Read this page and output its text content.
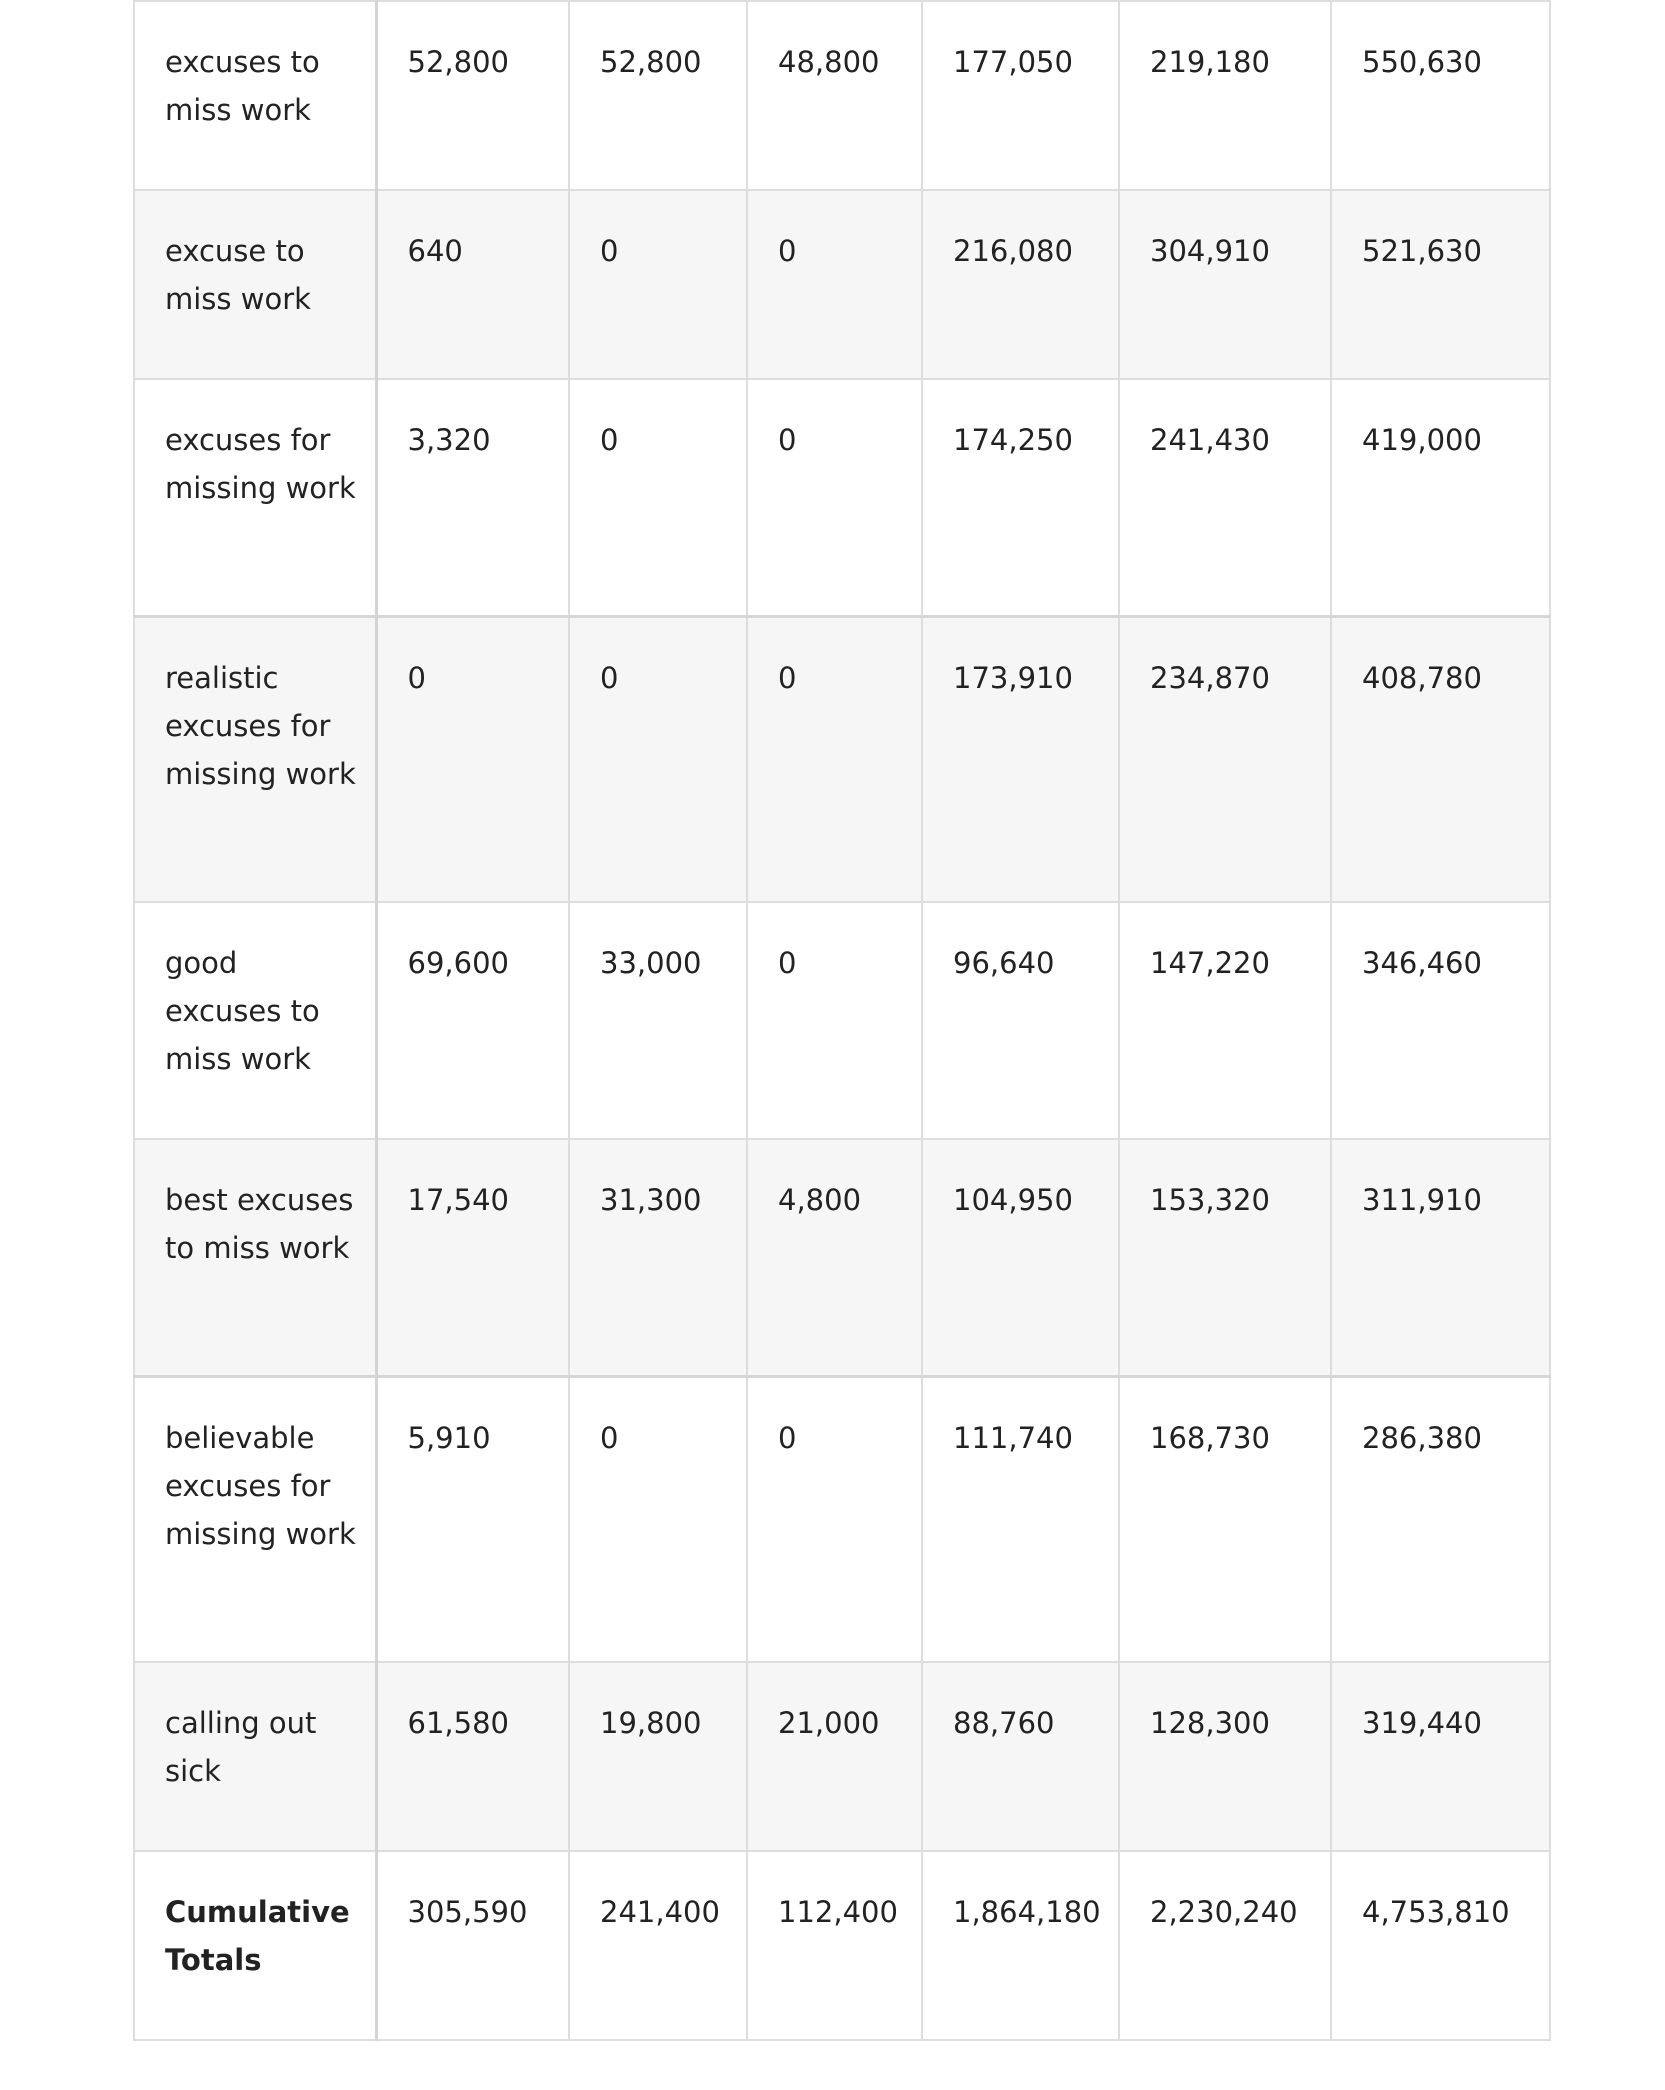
excuses to miss work	52,800	52,800	48,800	177,050	219,180	550,630
excuse to miss work	640	0	0	216,080	304,910	521,630
excuses for missing work	3,320	0	0	174,250	241,430	419,000
realistic excuses for missing work	0	0	0	173,910	234,870	408,780
good excuses to miss work	69,600	33,000	0	96,640	147,220	346,460
best excuses to miss work	17,540	31,300	4,800	104,950	153,320	311,910
believable excuses for missing work	5,910	0	0	111,740	168,730	286,380
calling out sick	61,580	19,800	21,000	88,760	128,300	319,440
Cumulative Totals	305,590	241,400	112,400	1,864,180	2,230,240	4,753,810
